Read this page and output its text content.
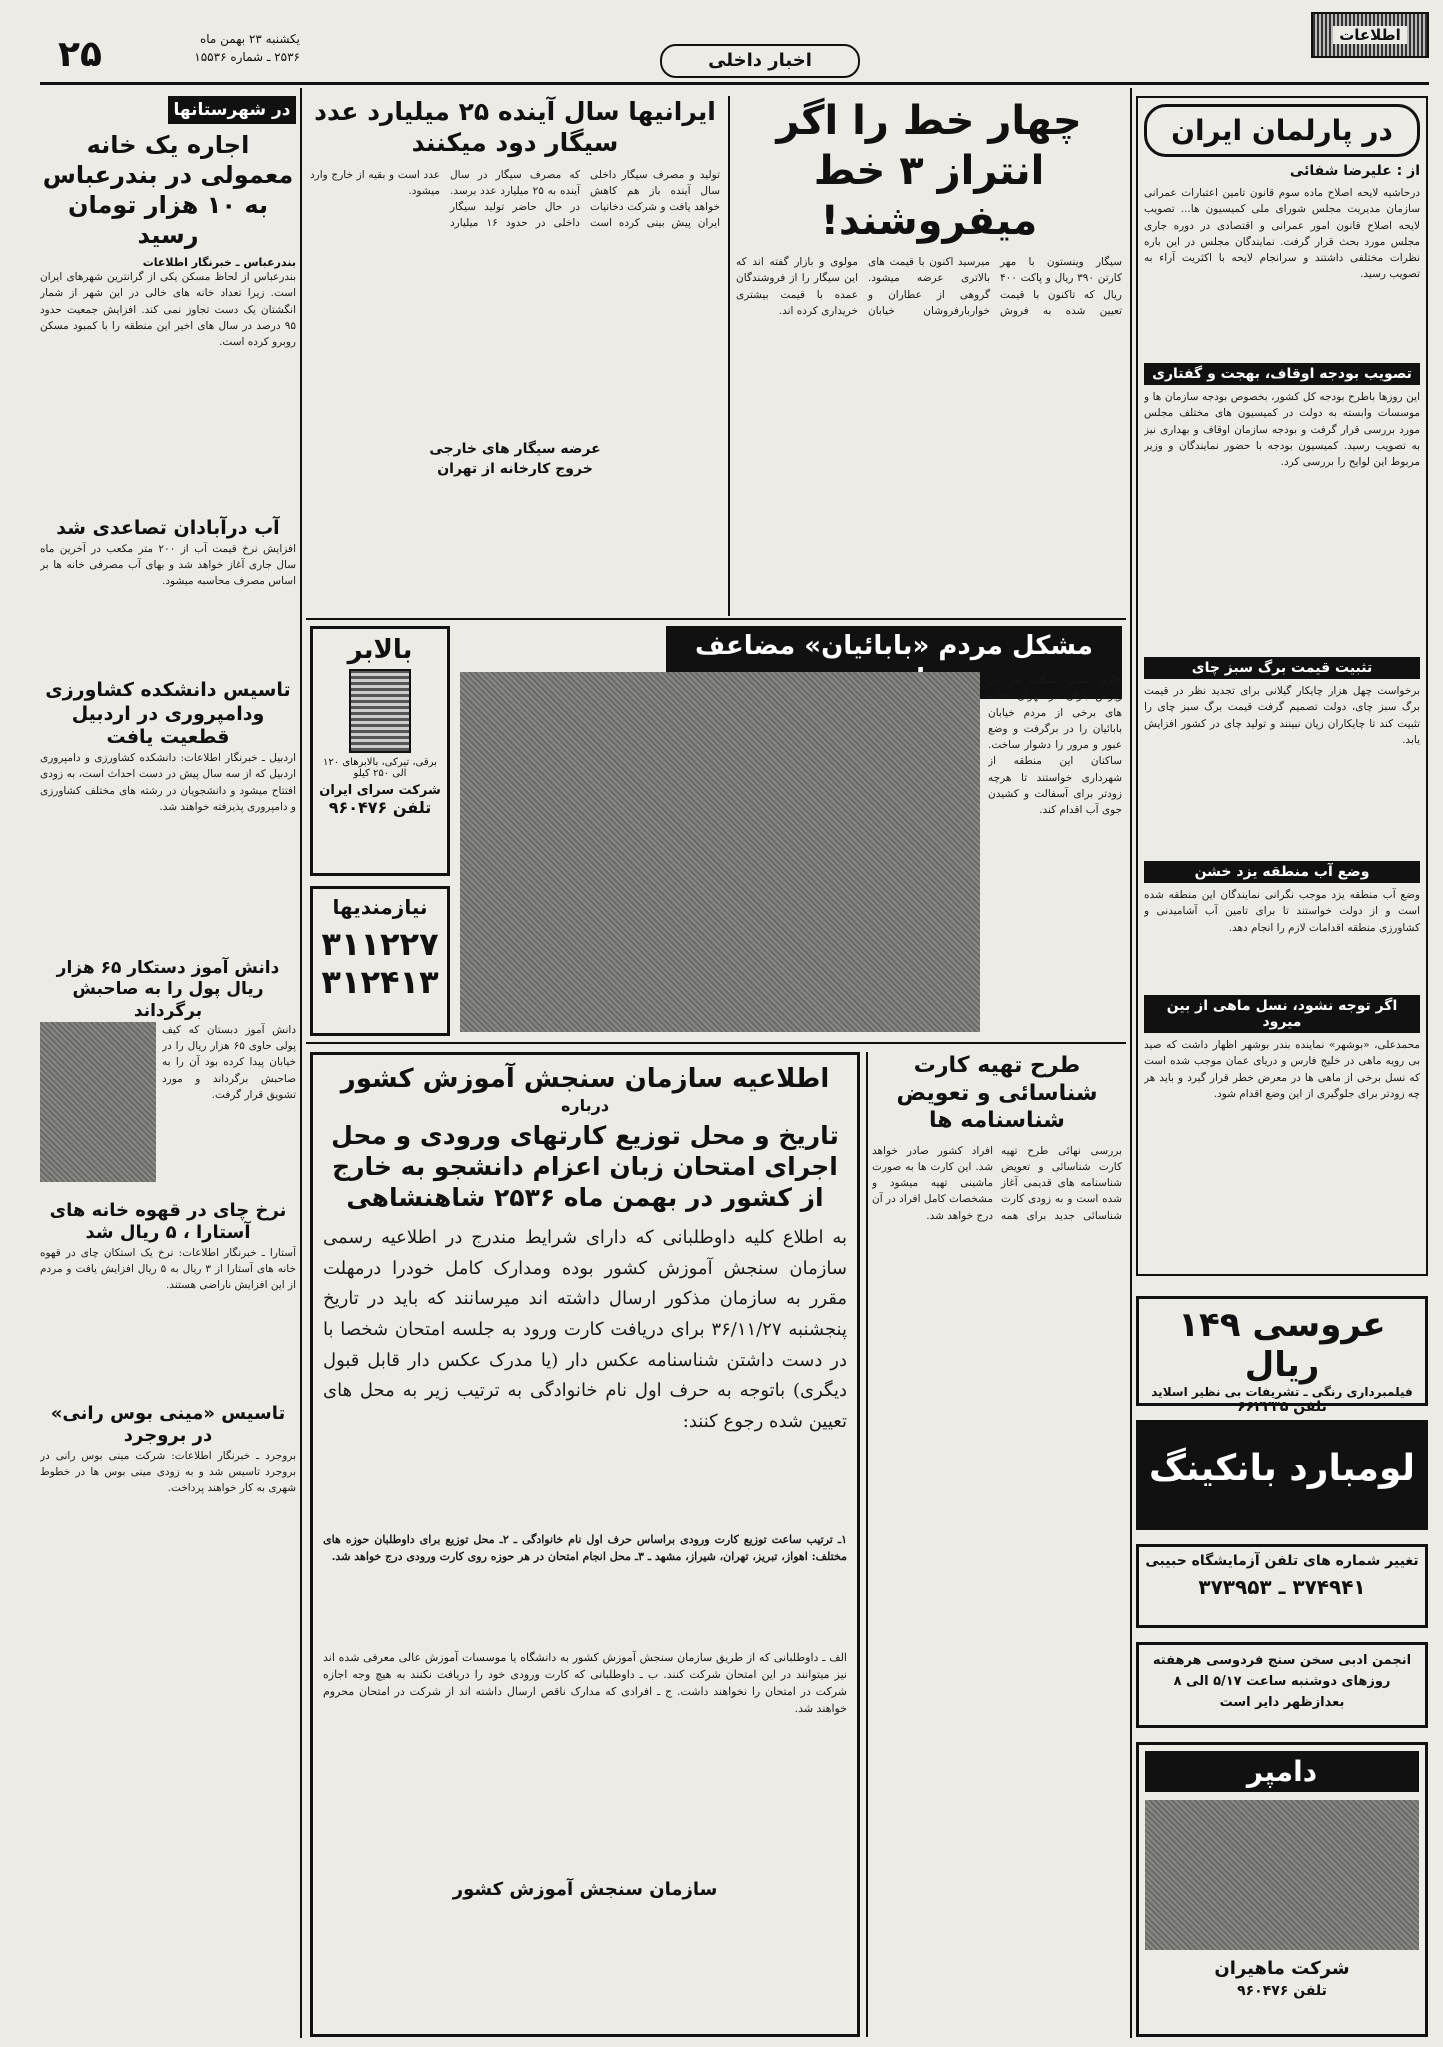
اطلاعات
اخبار داخلی
یکشنبه ۲۳ بهمن ماه
۲۵۳۶ ـ شماره ۱۵۵۳۶
۲۵
در پارلمان ایران
از : علیرضا شفائی
درحاشیه لایحه اصلاح ماده سوم قانون تامین اعتبارات عمرانی سازمان مدیریت مجلس شورای ملی کمیسیون ها... تصویب لایحه اصلاح قانون امور عمرانی و اقتصادی در دوره جاری مجلس مورد بحث قرار گرفت. نمایندگان مجلس در این باره نظرات مختلفی داشتند و سرانجام لایحه با اکثریت آراء به تصویب رسید.
تصویب بودجه اوقاف، بهجت و گفتاری
این روزها باطرح بودجه کل کشور، بخصوص بودجه سازمان ها و موسسات وابسته به دولت در کمیسیون های مختلف مجلس مورد بررسی قرار گرفت و بودجه سازمان اوقاف و بهداری نیز به تصویب رسید. کمیسیون بودجه با حضور نمایندگان و وزیر مربوط این لوایح را بررسی کرد.
تثبیت قیمت برگ سبز چای
برخواست چهل هزار چایکار گیلانی برای تجدید نظر در قیمت برگ سبز چای، دولت تصمیم گرفت قیمت برگ سبز چای را تثبیت کند تا چایکاران زیان نبینند و تولید چای در کشور افزایش یابد.
وضع آب منطقه یزد خشن
وضع آب منطقه یزد موجب نگرانی نمایندگان این منطقه شده است و از دولت خواستند تا برای تامین آب آشامیدنی و کشاورزی منطقه اقدامات لازم را انجام دهد.
اگر توجه نشود، نسل ماهی از بین میرود
محمدعلی، «بوشهر» نماینده بندر بوشهر اظهار داشت که صید بی رویه ماهی در خلیج فارس و دریای عمان موجب شده است که نسل برخی از ماهی ها در معرض خطر قرار گیرد و باید هر چه زودتر برای جلوگیری از این وضع اقدام شود.
عروسی ۱۴۹ ریال
فیلمبرداری رنگی ـ تشریفات بی نظیر اسلاید
تلفن ۶۶۲۲۳۵
لومبارد بانکینگ
تغییر شماره های تلفن آزمایشگاه حبیبی
۳۷۴۹۴۱ ـ ۳۷۳۹۵۳
انجمن ادبی سخن سنج فردوسی هرهفته روزهای دوشنبه ساعت ۵/۱۷ الی ۸ بعدازظهر دایر است
دامپر
شرکت ماهیران
تلفن ۹۶۰۴۷۶
چهار خط را اگر انتراز ۳ خط میفروشند!
سیگار وینستون با مهر کارتن ۳۹۰ ریال و پاکت ۴۰۰ ریال که تاکنون با قیمت تعیین شده به فروش میرسید اکنون با قیمت های بالاتری عرضه میشود. گروهی از عطاران و خواربارفروشان خیابان مولوی و بازار گفته اند که این سیگار را از فروشندگان عمده با قیمت بیشتری خریداری کرده اند.
ایرانیها سال آینده ۲۵ میلیارد عدد سیگار دود میکنند
تولید و مصرف سیگار داخلی سال آینده باز هم کاهش خواهد یافت و شرکت دخانیات ایران پیش بینی کرده است که مصرف سیگار در سال آینده به ۲۵ میلیارد عدد برسد. در حال حاضر تولید سیگار داخلی در حدود ۱۶ میلیارد عدد است و بقیه از خارج وارد میشود.
عرضه سیگار های خارجی
خروج کارخانه از تهران
مشکل مردم «بابائیان» مضاعف
جاری شدن سیلاب در پی ریزش باران در تهران، خانه های برخی از مردم خیابان بابائیان را در برگرفت و وضع عبور و مرور را دشوار ساخت. ساکنان این منطقه از شهرداری خواستند تا هرچه زودتر برای آسفالت و کشیدن جوی آب اقدام کند.
بالابر
برقی، تیرکی، بالابرهای ۱۲۰ الی ۲۵۰ کیلو
شرکت سرای ایران
تلفن ۹۶۰۴۷۶
نیازمندیها
۳۱۱۲۲۷
۳۱۲۴۱۳
طرح تهیه کارت شناسائی و تعویض شناسنامه ها
بررسی نهائی طرح تهیه کارت شناسائی و تعویض شناسنامه های قدیمی آغاز شده است و به زودی کارت شناسائی جدید برای همه افراد کشور صادر خواهد شد. این کارت ها به صورت ماشینی تهیه میشود و مشخصات کامل افراد در آن درج خواهد شد.
اطلاعیه سازمان سنجش آموزش کشور
درباره
تاریخ و محل توزیع کارتهای ورودی و محل اجرای امتحان زبان اعزام دانشجو به خارج از کشور در بهمن ماه ۲۵۳۶ شاهنشاهی
به اطلاع کلیه داوطلبانی که دارای شرایط مندرج در اطلاعیه رسمی سازمان سنجش آموزش کشور بوده ومدارک کامل خودرا درمهلت مقرر به سازمان مذکور ارسال داشته اند میرسانند که باید در تاریخ پنجشنبه ۳۶/۱۱/۲۷ برای دریافت کارت ورود به جلسه امتحان شخصا با در دست داشتن شناسنامه عکس دار (یا مدرک عکس دار قابل قبول دیگری) باتوجه به حرف اول نام خانوادگی به ترتیب زیر به محل های تعیین شده رجوع کنند:
۱ـ ترتیب ساعت توزیع کارت ورودی براساس حرف اول نام خانوادگی ـ ۲ـ محل توزیع برای داوطلبان حوزه های مختلف: اهواز، تبریز، تهران، شیراز، مشهد ـ ۳ـ محل انجام امتحان در هر حوزه روی کارت ورودی درج خواهد شد.
الف ـ داوطلبانی که از طریق سازمان سنجش آموزش کشور به دانشگاه یا موسسات آموزش عالی معرفی شده اند نیز میتوانند در این امتحان شرکت کنند. ب ـ داوطلبانی که کارت ورودی خود را دریافت نکنند به هیچ وجه اجازه شرکت در امتحان را نخواهند داشت. ج ـ افرادی که مدارک ناقص ارسال داشته اند از شرکت در امتحان محروم خواهند شد.
سازمان سنجش آموزش کشور
در شهرستانها
اجاره یک خانه معمولی در بندرعباس به ۱۰ هزار تومان رسید
بندرعباس ـ خبرنگار اطلاعات
بندرعباس از لحاظ مسکن یکی از گرانترین شهرهای ایران است. زیرا تعداد خانه های خالی در این شهر از شمار انگشتان یک دست تجاوز نمی کند. افزایش جمعیت حدود ۹۵ درصد در سال های اخیر این منطقه را با کمبود مسکن روبرو کرده است.
آب درآبادان تصاعدی شد
افزایش نرخ قیمت آب از ۲۰۰ متر مکعب در آخرین ماه سال جاری آغاز خواهد شد و بهای آب مصرفی خانه ها بر اساس مصرف محاسبه میشود.
تاسیس دانشکده کشاورزی ودامپروری در اردبیل قطعیت یافت
اردبیل ـ خبرنگار اطلاعات: دانشکده کشاورزی و دامپروری اردبیل که از سه سال پیش در دست احداث است، به زودی افتتاح میشود و دانشجویان در رشته های مختلف کشاورزی و دامپروری پذیرفته خواهند شد.
دانش آموز دستکار ۶۵ هزار ریال پول را به صاحبش برگرداند
دانش آموز دبستان که کیف پولی حاوی ۶۵ هزار ریال را در خیابان پیدا کرده بود آن را به صاحبش برگرداند و مورد تشویق قرار گرفت.
نرخ چای در قهوه خانه های آستارا ، ۵ ریال شد
آستارا ـ خبرنگار اطلاعات: نرخ یک استکان چای در قهوه خانه های آستارا از ۳ ریال به ۵ ریال افزایش یافت و مردم از این افزایش ناراضی هستند.
تاسیس «مینی بوس رانی» در بروجرد
بروجرد ـ خبرنگار اطلاعات: شرکت مینی بوس رانی در بروجرد تاسیس شد و به زودی مینی بوس ها در خطوط شهری به کار خواهند پرداخت.
